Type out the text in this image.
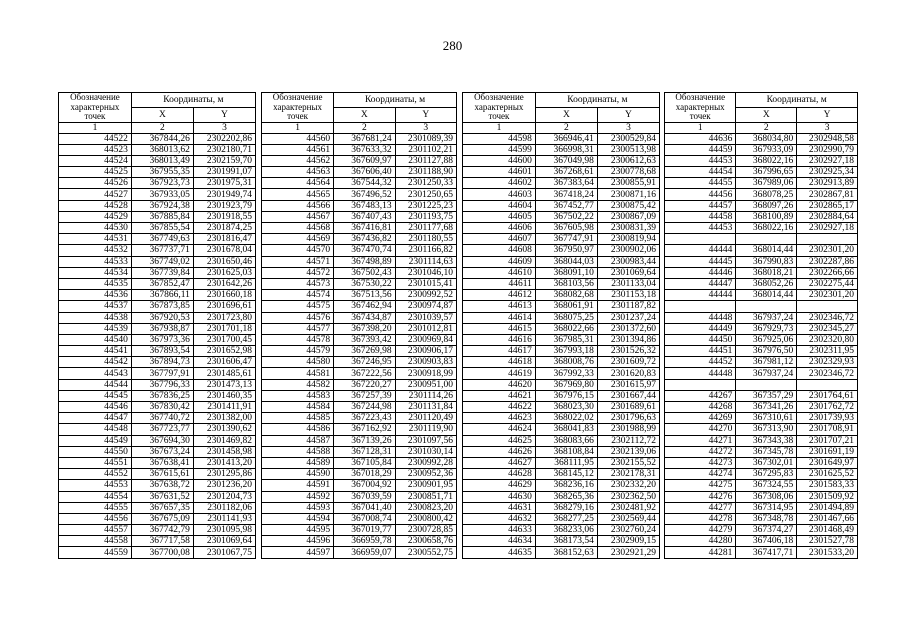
280
Обозначение характерных точек	Координаты, м	
	X	Y
1	2	3
44522	367844,26	2302202,86
44523	368013,62	2302180,71
44524	368013,49	2302159,70
44525	367955,35	2301991,07
44526	367923,73	2301975,31
44527	367933,05	2301949,74
44528	367924,38	2301923,79
44529	367885,84	2301918,55
44530	367855,54	2301874,25
44531	367749,63	2301816,47
44532	367737,71	2301678,04
44533	367749,02	2301650,46
44534	367739,84	2301625,03
44535	367852,47	2301642,26
44536	367866,11	2301660,18
44537	367873,85	2301696,61
44538	367920,53	2301723,80
44539	367938,87	2301701,18
44540	367973,36	2301700,45
44541	367893,54	2301652,98
44542	367894,73	2301606,47
44543	367797,91	2301485,61
44544	367796,33	2301473,13
44545	367836,25	2301460,35
44546	367830,42	2301411,91
44547	367740,72	2301382,00
44548	367723,77	2301390,62
44549	367694,30	2301469,82
44550	367673,24	2301458,98
44551	367638,41	2301413,20
44552	367615,61	2301295,86
44553	367638,72	2301236,20
44554	367631,52	2301204,73
44555	367657,35	2301182,06
44556	367675,09	2301141,93
44557	367742,79	2301095,98
44558	367717,58	2301069,64
44559	367700,08	2301067,75
Обозначение характерных точек	Координаты, м	
	X	Y
1	2	3
44560	367681,24	2301089,39
44561	367633,32	2301102,21
44562	367609,97	2301127,88
44563	367606,40	2301188,90
44564	367544,32	2301250,33
44565	367496,52	2301250,65
44566	367483,13	2301225,23
44567	367407,43	2301193,75
44568	367416,81	2301177,68
44569	367436,82	2301180,55
44570	367470,74	2301166,82
44571	367498,89	2301114,63
44572	367502,43	2301046,10
44573	367530,22	2301015,41
44574	367513,56	2300992,52
44575	367462,94	2300974,87
44576	367434,87	2301039,57
44577	367398,20	2301012,81
44578	367393,42	2300969,84
44579	367269,98	2300906,17
44580	367246,95	2300903,83
44581	367222,56	2300918,99
44582	367220,27	2300951,00
44583	367257,39	2301114,26
44584	367244,98	2301131,84
44585	367223,43	2301120,49
44586	367162,92	2301119,90
44587	367139,26	2301097,56
44588	367128,31	2301030,14
44589	367105,84	2300992,28
44590	367018,29	2300952,36
44591	367004,92	2300901,95
44592	367039,59	2300851,71
44593	367041,40	2300823,20
44594	367008,74	2300800,42
44595	367019,77	2300728,85
44596	366959,78	2300658,76
44597	366959,07	2300552,75
Обозначение характерных точек	Координаты, м	
	X	Y
1	2	3
44598	366946,41	2300529,84
44599	366998,31	2300513,98
44600	367049,98	2300612,63
44601	367268,61	2300778,68
44602	367383,64	2300855,91
44603	367418,24	2300871,16
44604	367452,77	2300875,42
44605	367502,22	2300867,09
44606	367605,98	2300831,39
44607	367747,91	2300819,94
44608	367950,97	2300902,06
44609	368044,03	2300983,44
44610	368091,10	2301069,64
44611	368103,56	2301133,04
44612	368082,68	2301153,18
44613	368061,91	2301187,82
44614	368075,25	2301237,24
44615	368022,66	2301372,60
44616	367985,31	2301394,86
44617	367993,18	2301526,32
44618	368008,76	2301609,72
44619	367992,33	2301620,83
44620	367969,80	2301615,97
44621	367976,15	2301667,44
44622	368023,30	2301689,61
44623	368022,02	2301796,63
44624	368041,83	2301988,99
44625	368083,66	2302112,72
44626	368108,84	2302139,06
44627	368111,95	2302155,52
44628	368145,12	2302178,31
44629	368236,16	2302332,20
44630	368265,36	2302362,50
44631	368279,16	2302481,92
44632	368277,25	2302569,44
44633	368233,06	2302760,24
44634	368173,54	2302909,15
44635	368152,63	2302921,29
Обозначение характерных точек	Координаты, м	
	X	Y
1	2	3
44636	368034,80	2302948,58
44459	367933,09	2302990,79
44453	368022,16	2302927,18
44454	367996,65	2302925,34
44455	367989,06	2302913,89
44456	368078,25	2302867,81
44457	368097,26	2302865,17
44458	368100,89	2302884,64
44453	368022,16	2302927,18

44444	368014,44	2302301,20
44445	367990,83	2302287,86
44446	368018,21	2302266,66
44447	368052,26	2302275,44
44444	368014,44	2302301,20

44448	367937,24	2302346,72
44449	367929,73	2302345,27
44450	367925,06	2302320,80
44451	367976,50	2302311,95
44452	367981,12	2302329,93
44448	367937,24	2302346,72

44267	367357,29	2301764,61
44268	367341,26	2301762,72
44269	367310,61	2301739,93
44270	367313,90	2301708,91
44271	367343,38	2301707,21
44272	367345,78	2301691,19
44273	367302,01	2301649,97
44274	367295,83	2301625,52
44275	367324,55	2301583,33
44276	367308,06	2301509,92
44277	367314,95	2301494,89
44278	367348,78	2301467,66
44279	367374,27	2301468,49
44280	367406,18	2301527,78
44281	367417,71	2301533,20
